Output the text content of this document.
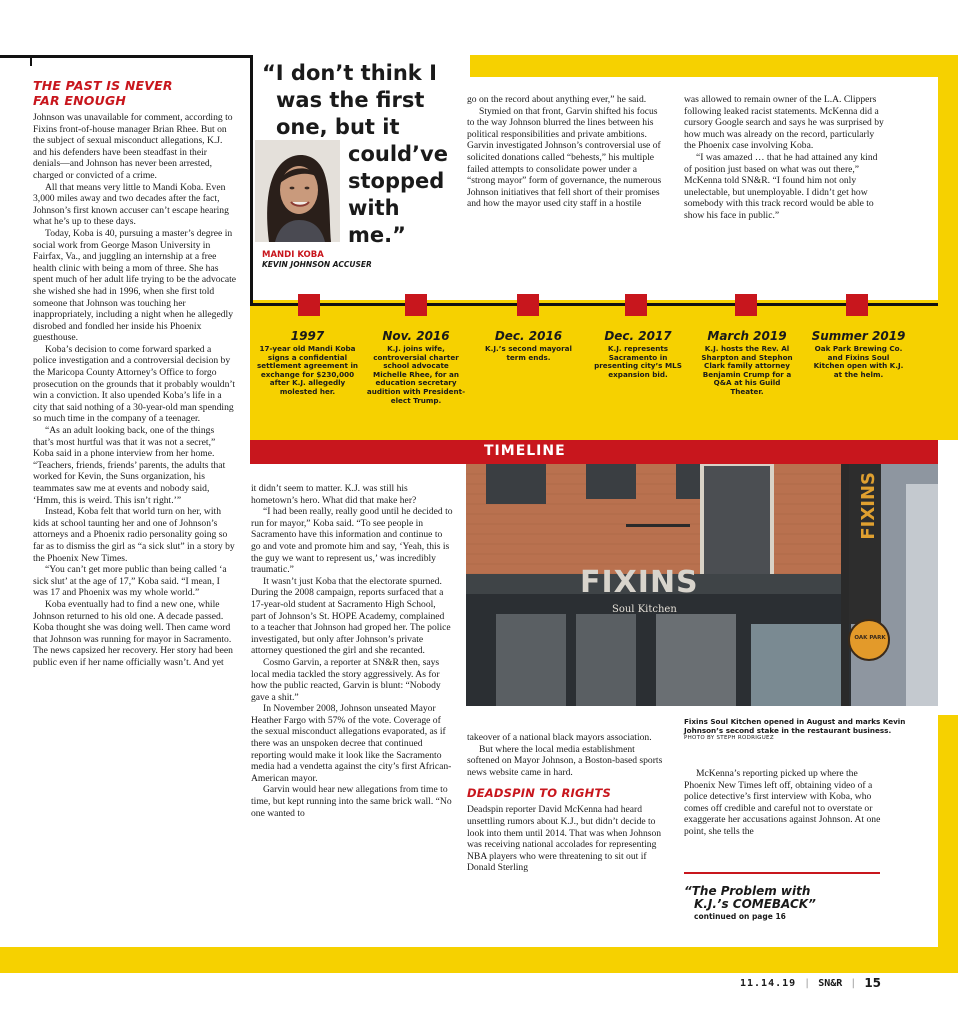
THE PAST IS NEVER FAR ENOUGH

Johnson was unavailable for comment, according to Fixins front-of-house manager Brian Rhee. But on the subject of sexual misconduct allegations, K.J. and his defenders have been steadfast in their denials—and Johnson has never been arrested, charged or convicted of a crime.

All that means very little to Mandi Koba. Even 3,000 miles away and two decades after the fact, Johnson’s first known accuser can’t escape hearing what he’s up to these days.

Today, Koba is 40, pursuing a master’s degree in social work from George Mason University in Fairfax, Va., and juggling an internship at a free health clinic with being a mom of three. She has spent much of her adult life trying to be the advocate she wished she had in 1996, when she first told someone that Johnson was touching her inappropriately, including a night when he allegedly disrobed and fondled her inside his Phoenix guesthouse.

Koba’s decision to come forward sparked a police investigation and a controversial decision by the Maricopa County Attorney’s Office to forgo prosecution on the grounds that it probably wouldn’t win a conviction. It also upended Koba’s life in a city that said nothing of a 30-year-old man spending so much time in the company of a teenager.

“As an adult looking back, one of the things that’s most hurtful was that it was not a secret,” Koba said in a phone interview from her home. “Teachers, friends, friends’ parents, the adults that worked for Kevin, the Suns organization, his teammates saw me at events and nobody said, ‘Hmm, this is weird. This isn’t right.’”

Instead, Koba felt that world turn on her, with kids at school taunting her and one of Johnson’s attorneys and a Phoenix radio personality going so far as to dismiss the girl as “a sick slut” in a story by the Phoenix New Times.

“You can’t get more public than being called ‘a sick slut’ at the age of 17,” Koba said. “I mean, I was 17 and Phoenix was my whole world.”

Koba eventually had to find a new one, while Johnson returned to his old one. A decade passed. Koba thought she was doing well. Then came word that Johnson was running for mayor in Sacramento. The news capsized her recovery. Her story had been public even if her name officially wasn’t. And yet

“I don’t think I
was the first
one, but it
could’ve
stopped
with
me.”
MANDI KOBA
KEVIN JOHNSON ACCUSER

go on the record about anything ever,” he said.

Stymied on that front, Garvin shifted his focus to the way Johnson blurred the lines between his political responsibilities and private ambitions. Garvin investigated Johnson’s controversial use of solicited donations called “behests,” his multiple failed attempts to consolidate power under a “strong mayor” form of governance, the numerous Johnson initiatives that fell short of their promises and how the mayor used city staff in a hostile

was allowed to remain owner of the L.A. Clippers following leaked racist statements. McKenna did a cursory Google search and says he was surprised by how much was already on the record, particularly the Phoenix case involving Koba.

“I was amazed … that he had attained any kind of position just based on what was out there,” McKenna told SN&R. “I found him not only unelectable, but unemployable. I didn’t get how somebody with this track record would be able to show his face in public.”

1997
17-year old Mandi Koba signs a confidential settlement agreement in exchange for $230,000 after K.J. allegedly molested her.
Nov. 2016
K.J. joins wife, controversial charter school advocate Michelle Rhee, for an education secretary audition with President-elect Trump.
Dec. 2016
K.J.’s second mayoral term ends.
Dec. 2017
K.J. represents Sacramento in presenting city’s MLS expansion bid.
March 2019
K.J. hosts the Rev. Al Sharpton and Stephon Clark family attorney Benjamin Crump for a Q&A at his Guild Theater.
Summer 2019
Oak Park Brewing Co. and Fixins Soul Kitchen open with K.J. at the helm.
TIMELINE
FIXINS
Soul Kitchen
FIXINS
OAK PARK
Fixins Soul Kitchen opened in August and marks Kevin Johnson’s second stake in the restaurant business.
PHOTO BY STEPH RODRIGUEZ

it didn’t seem to matter. K.J. was still his hometown’s hero. What did that make her?

“I had been really, really good until he decided to run for mayor,” Koba said. “To see people in Sacramento have this information and continue to go and vote and promote him and say, ‘Yeah, this is the guy we want to represent us,’ was incredibly traumatic.”

It wasn’t just Koba that the electorate spurned. During the 2008 campaign, reports surfaced that a 17-year-old student at Sacramento High School, part of Johnson’s St. HOPE Academy, complained to a teacher that Johnson had groped her. The police investigated, but only after Johnson’s private attorney questioned the girl and she recanted.

Cosmo Garvin, a reporter at SN&R then, says local media tackled the story aggressively. As for how the public reacted, Garvin is blunt: “Nobody gave a shit.”

In November 2008, Johnson unseated Mayor Heather Fargo with 57% of the vote. Coverage of the sexual misconduct allegations evaporated, as if there was an unspoken decree that continued reporting would make it look like the Sacramento media had a vendetta against the city’s first African-American mayor.

Garvin would hear new allegations from time to time, but kept running into the same brick wall. “No one wanted to

takeover of a national black mayors association.

But where the local media establishment softened on Mayor Johnson, a Boston-based sports news website came in hard.

DEADSPIN TO RIGHTS

Deadspin reporter David McKenna had heard unsettling rumors about K.J., but didn’t decide to look into them until 2014. That was when Johnson was receiving national accolades for representing NBA players who were threatening to sit out if Donald Sterling

McKenna’s reporting picked up where the Phoenix New Times left off, obtaining video of a police detective’s first interview with Koba, who comes off credible and careful not to overstate or exaggerate her accusations against Johnson. At one point, she tells the

“The Problem with
K.J.’s COMEBACK”
continued on page 16
11.14.19 | SN&R | 15
